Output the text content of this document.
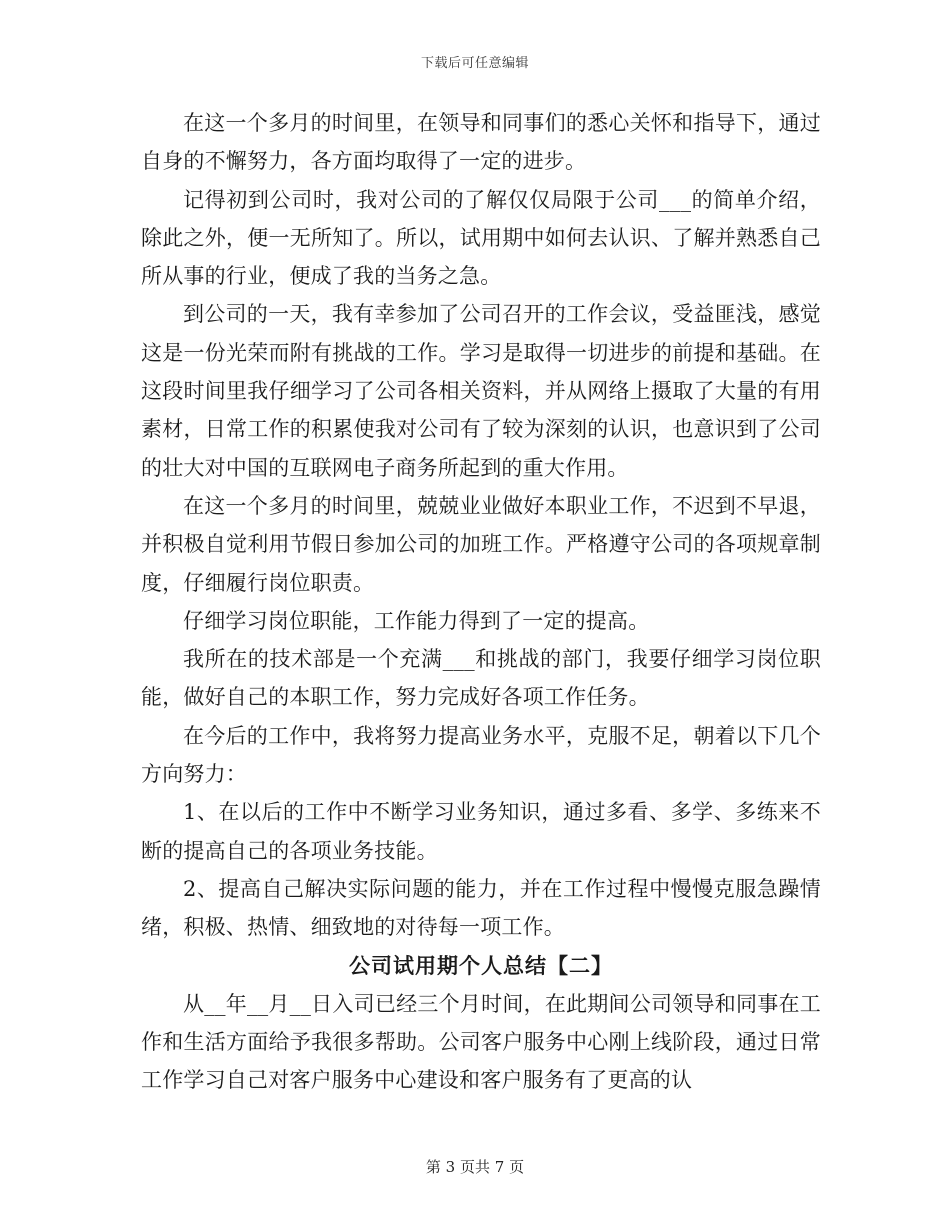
下载后可任意编辑

在这一个多月的时间里，在领导和同事们的悉心关怀和指导下，通过自身的不懈努力，各方面均取得了一定的进步。

记得初到公司时，我对公司的了解仅仅局限于公司___的简单介绍，除此之外，便一无所知了。所以，试用期中如何去认识、了解并熟悉自己所从事的行业，便成了我的当务之急。

到公司的一天，我有幸参加了公司召开的工作会议，受益匪浅，感觉这是一份光荣而附有挑战的工作。学习是取得一切进步的前提和基础。在这段时间里我仔细学习了公司各相关资料，并从网络上摄取了大量的有用素材，日常工作的积累使我对公司有了较为深刻的认识，也意识到了公司的壮大对中国的互联网电子商务所起到的重大作用。

在这一个多月的时间里，兢兢业业做好本职业工作，不迟到不早退，并积极自觉利用节假日参加公司的加班工作。严格遵守公司的各项规章制度，仔细履行岗位职责。

仔细学习岗位职能，工作能力得到了一定的提高。

我所在的技术部是一个充满___和挑战的部门，我要仔细学习岗位职能，做好自己的本职工作，努力完成好各项工作任务。

在今后的工作中，我将努力提高业务水平，克服不足，朝着以下几个方向努力：

1、在以后的工作中不断学习业务知识，通过多看、多学、多练来不断的提高自己的各项业务技能。

2、提高自己解决实际问题的能力，并在工作过程中慢慢克服急躁情绪，积极、热情、细致地的对待每一项工作。

公司试用期个人总结【二】

从__年__月__日入司已经三个月时间，在此期间公司领导和同事在工作和生活方面给予我很多帮助。公司客户服务中心刚上线阶段，通过日常工作学习自己对客户服务中心建设和客户服务有了更高的认

第 3 页共 7 页
